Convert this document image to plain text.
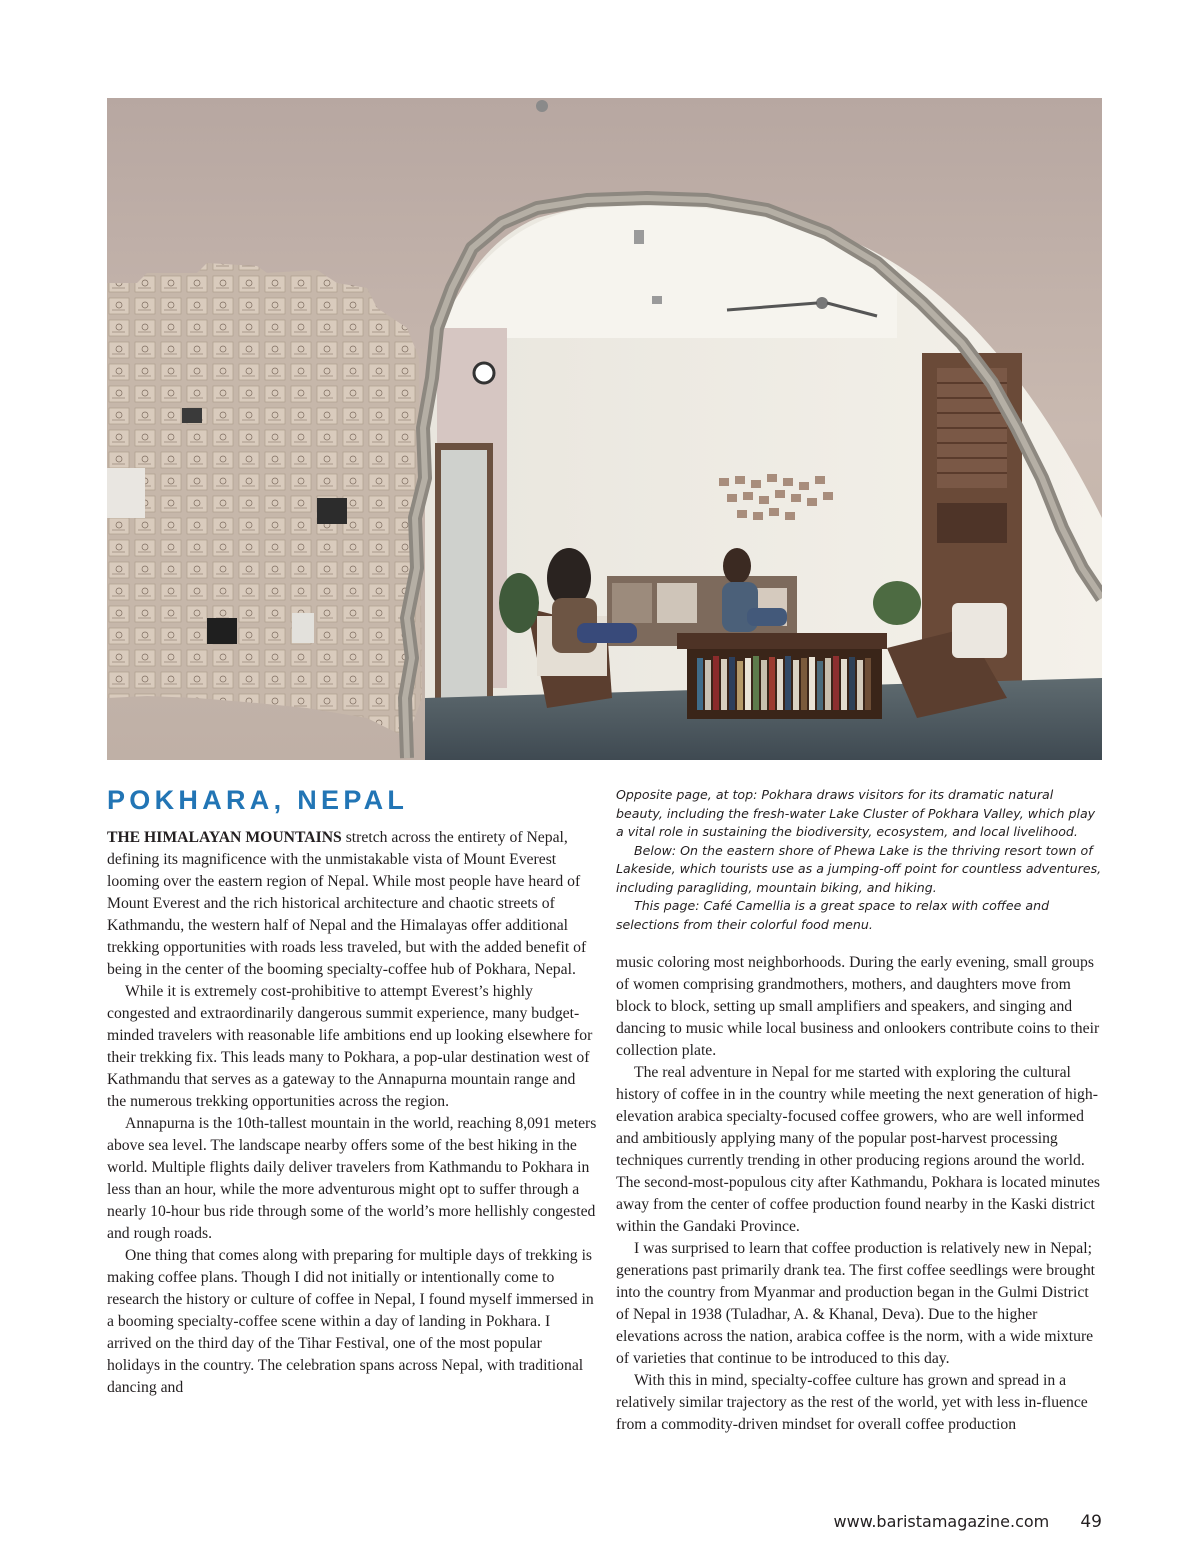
POKHARA, NEPAL

THE HIMALAYAN MOUNTAINS stretch across the entirety of Nepal, defining its magnificence with the unmistakable vista of Mount Everest looming over the eastern region of Nepal. While most people have heard of Mount Everest and the rich historical architecture and chaotic streets of Kathmandu, the western half of Nepal and the Himalayas offer additional trekking opportunities with roads less traveled, but with the added benefit of being in the center of the booming specialty-coffee hub of Pokhara, Nepal.

While it is extremely cost-prohibitive to attempt Everest’s highly congested and extraordinarily dangerous summit experience, many budget-minded travelers with reasonable life ambitions end up looking elsewhere for their trekking fix. This leads many to Pokhara, a pop-ular destination west of Kathmandu that serves as a gateway to the Annapurna mountain range and the numerous trekking opportunities across the region.

Annapurna is the 10th-tallest mountain in the world, reaching 8,091 meters above sea level. The landscape nearby offers some of the best hiking in the world. Multiple flights daily deliver travelers from Kathmandu to Pokhara in less than an hour, while the more adventurous might opt to suffer through a nearly 10-hour bus ride through some of the world’s more hellishly congested and rough roads.

One thing that comes along with preparing for multiple days of trekking is making coffee plans. Though I did not initially or intentionally come to research the history or culture of coffee in Nepal, I found myself immersed in a booming specialty-coffee scene within a day of landing in Pokhara. I arrived on the third day of the Tihar Festival, one of the most popular holidays in the country. The celebration spans across Nepal, with traditional dancing and

Opposite page, at top: Pokhara draws visitors for its dramatic natural beauty, including the fresh-water Lake Cluster of Pokhara Valley, which play a vital role in sustaining the biodiversity, ecosystem, and local livelihood.

Below: On the eastern shore of Phewa Lake is the thriving resort town of Lakeside, which tourists use as a jumping-off point for countless adventures, including paragliding, mountain biking, and hiking.

This page: Café Camellia is a great space to relax with coffee and selections from their colorful food menu.

music coloring most neighborhoods. During the early evening, small groups of women comprising grandmothers, mothers, and daughters move from block to block, setting up small amplifiers and speakers, and singing and dancing to music while local business and onlookers contribute coins to their collection plate.

The real adventure in Nepal for me started with exploring the cultural history of coffee in in the country while meeting the next generation of high-elevation arabica specialty-focused coffee growers, who are well informed and ambitiously applying many of the popular post-harvest processing techniques currently trending in other producing regions around the world. The second-most-populous city after Kathmandu, Pokhara is located minutes away from the center of coffee production found nearby in the Kaski district within the Gandaki Province.

I was surprised to learn that coffee production is relatively new in Nepal; generations past primarily drank tea. The first coffee seedlings were brought into the country from Myanmar and production began in the Gulmi District of Nepal in 1938 (Tuladhar, A. & Khanal, Deva). Due to the higher elevations across the nation, arabica coffee is the norm, with a wide mixture of varieties that continue to be introduced to this day.

With this in mind, specialty-coffee culture has grown and spread in a relatively similar trajectory as the rest of the world, yet with less in-fluence from a commodity-driven mindset for overall coffee production

www.baristamagazine.com 49
